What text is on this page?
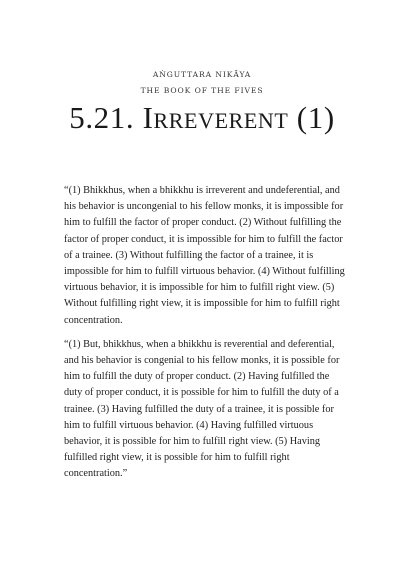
AṄGUTTARA NIKĀYA
THE BOOK OF THE FIVES
5.21. Irreverent (1)

“(1) Bhikkhus, when a bhikkhu is irreverent and undeferential, and his behavior is uncongenial to his fellow monks, it is impossible for him to fulfill the factor of proper conduct. (2) Without fulfilling the factor of proper conduct, it is impossible for him to fulfill the factor of a trainee. (3) Without fulfilling the factor of a trainee, it is impossible for him to fulfill virtuous behavior. (4) Without fulfilling virtuous behavior, it is impossible for him to fulfill right view. (5) Without fulfilling right view, it is impossible for him to fulfill right concentration.

“(1) But, bhikkhus, when a bhikkhu is reverential and deferential, and his behavior is congenial to his fellow monks, it is possible for him to fulfill the duty of proper conduct. (2) Having fulfilled the duty of proper conduct, it is possible for him to fulfill the duty of a trainee. (3) Having fulfilled the duty of a trainee, it is possible for him to fulfill virtuous behavior. (4) Having fulfilled virtuous behavior, it is possible for him to fulfill right view. (5) Having fulfilled right view, it is possible for him to fulfill right concentration.”
